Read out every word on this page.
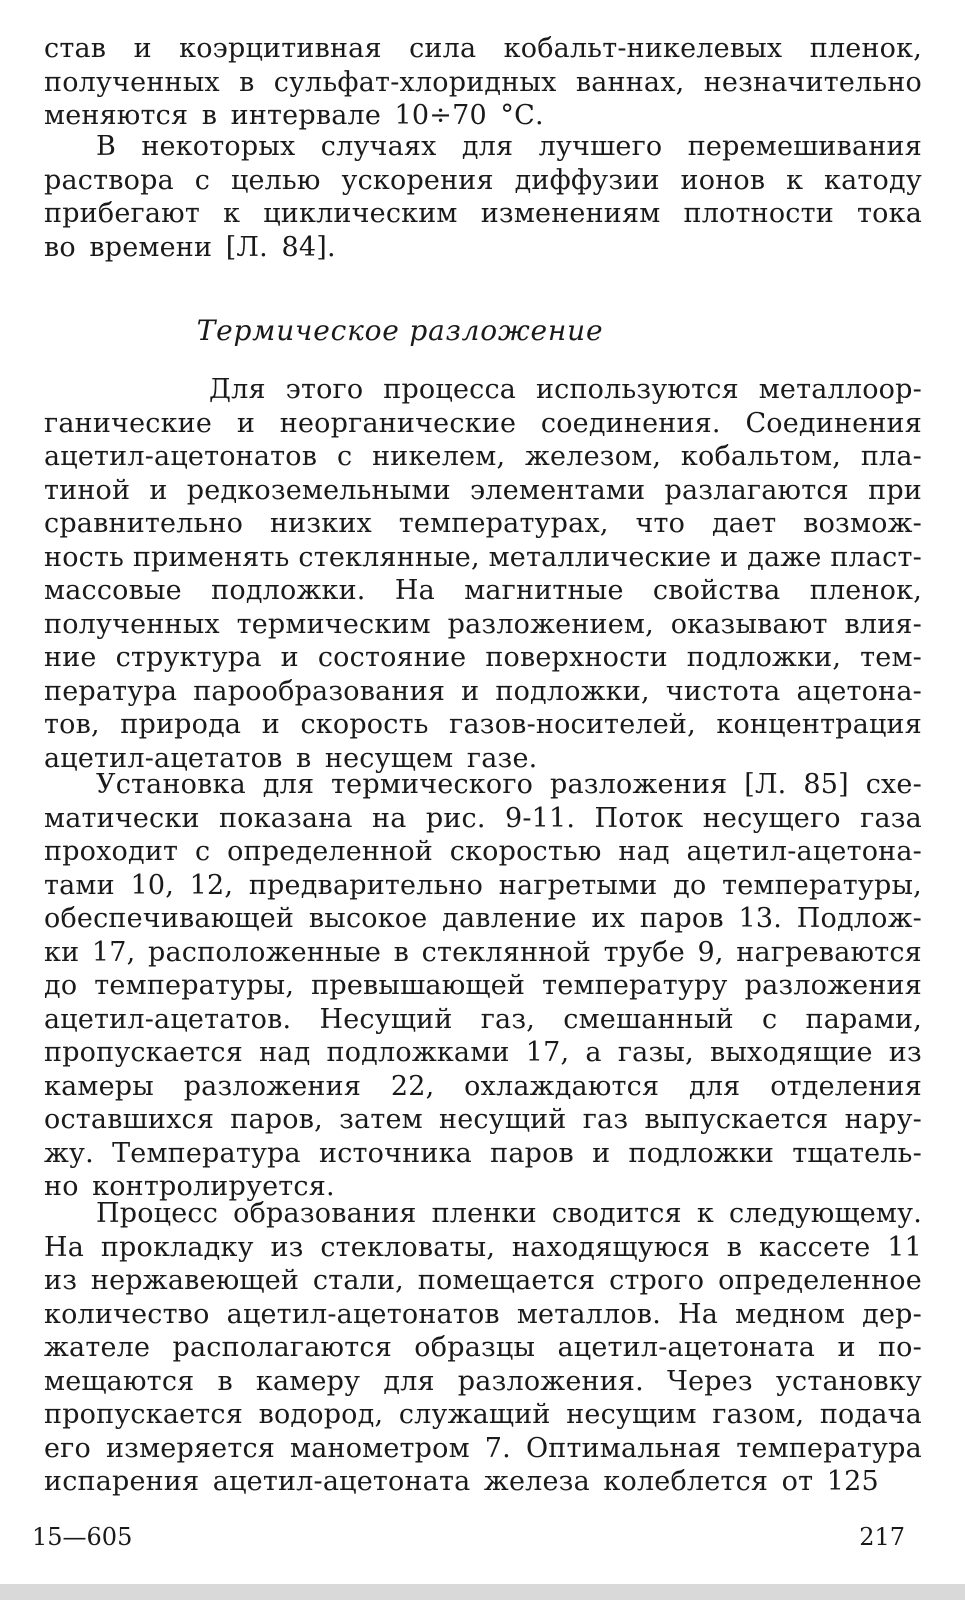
став и коэрцитивная сила кобальт-никелевых пленок,
полученных в сульфат-хлоридных ваннах, незначительно
меняются в интервале 10÷70 °С.
В некоторых случаях для лучшего перемешивания
раствора с целью ускорения диффузии ионов к катоду
прибегают к циклическим изменениям плотности тока
во времени [Л. 84].
Термическое разложение
Для этого процесса используются металлоор-
ганические и неорганические соединения. Соединения
ацетил-ацетонатов с никелем, железом, кобальтом, пла-
тиной и редкоземельными элементами разлагаются при
сравнительно низких температурах, что дает возмож-
ность применять стеклянные, металлические и даже пласт-
массовые подложки. На магнитные свойства пленок,
полученных термическим разложением, оказывают влия-
ние структура и состояние поверхности подложки, тем-
пература парообразования и подложки, чистота ацетона-
тов, природа и скорость газов-носителей, концентрация
ацетил-ацетатов в несущем газе.
Установка для термического разложения [Л. 85] схе-
матически показана на рис. 9-11. Поток несущего газа
проходит с определенной скоростью над ацетил-ацетона-
тами 10, 12, предварительно нагретыми до температуры,
обеспечивающей высокое давление их паров 13. Подлож-
ки 17, расположенные в стеклянной трубе 9, нагреваются
до температуры, превышающей температуру разложения
ацетил-ацетатов. Несущий газ, смешанный с парами,
пропускается над подложками 17, а газы, выходящие из
камеры разложения 22, охлаждаются для отделения
оставшихся паров, затем несущий газ выпускается нару-
жу. Температура источника паров и подложки тщатель-
но контролируется.
Процесс образования пленки сводится к следующему.
На прокладку из стекловаты, находящуюся в кассете 11
из нержавеющей стали, помещается строго определенное
количество ацетил-ацетонатов металлов. На медном дер-
жателе располагаются образцы ацетил-ацетоната и по-
мещаются в камеру для разложения. Через установку
пропускается водород, служащий несущим газом, подача
его измеряется манометром 7. Оптимальная температура
испарения ацетил-ацетоната железа колеблется от 125
15—605	217
